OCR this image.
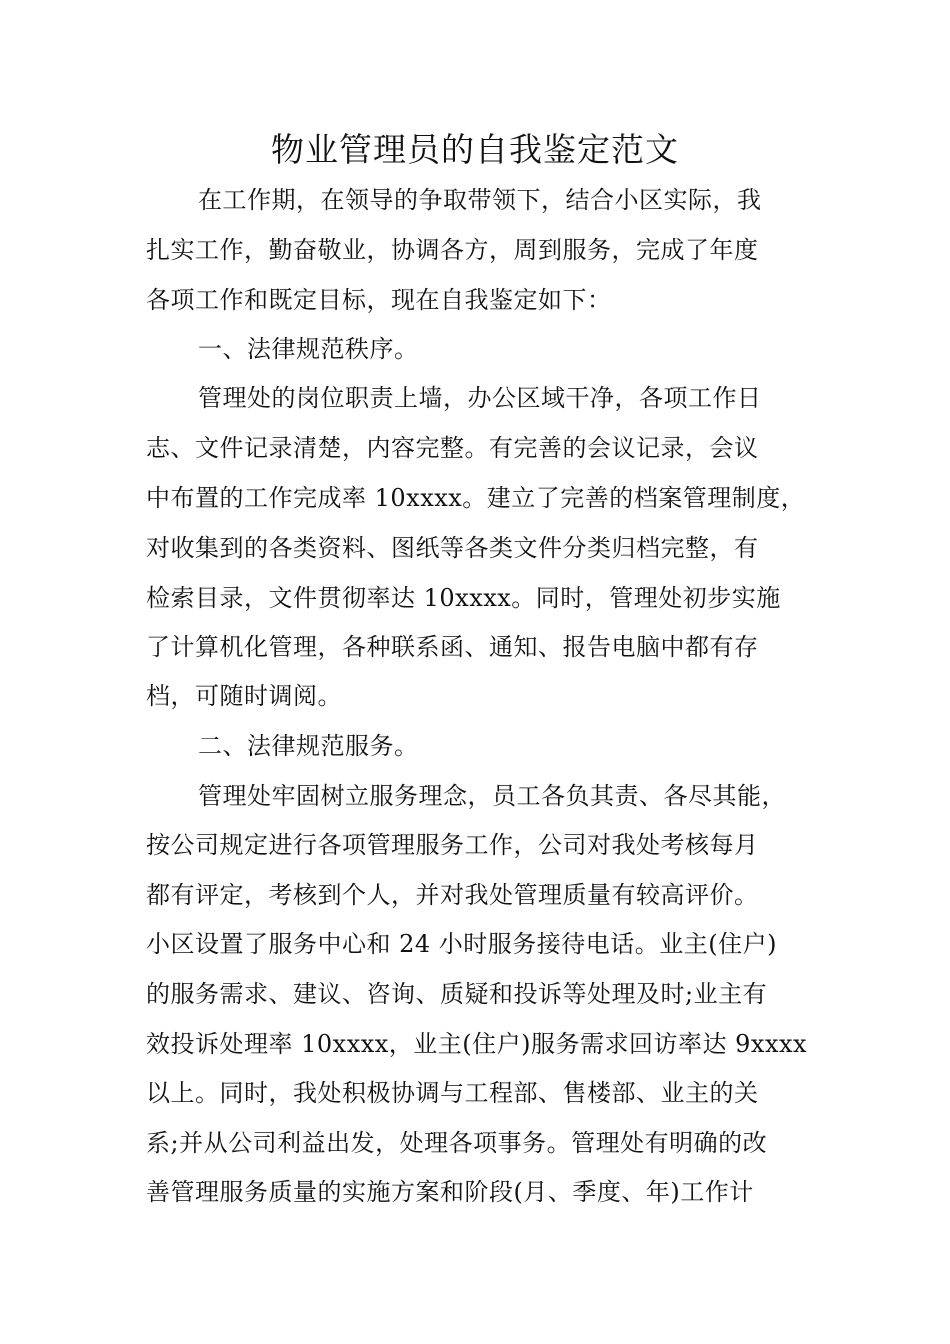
物业管理员的自我鉴定范文
在工作期，在领导的争取带领下，结合小区实际，我
扎实工作，勤奋敬业，协调各方，周到服务，完成了年度
各项工作和既定目标，现在自我鉴定如下：
一、法律规范秩序。
管理处的岗位职责上墙，办公区域干净，各项工作日
志、文件记录清楚，内容完整。有完善的会议记录，会议
中布置的工作完成率 10xxxx。建立了完善的档案管理制度，
对收集到的各类资料、图纸等各类文件分类归档完整，有
检索目录，文件贯彻率达 10xxxx。同时，管理处初步实施
了计算机化管理，各种联系函、通知、报告电脑中都有存
档，可随时调阅。
二、法律规范服务。
管理处牢固树立服务理念，员工各负其责、各尽其能，
按公司规定进行各项管理服务工作，公司对我处考核每月
都有评定，考核到个人，并对我处管理质量有较高评价。
小区设置了服务中心和 24 小时服务接待电话。业主(住户)
的服务需求、建议、咨询、质疑和投诉等处理及时;业主有
效投诉处理率 10xxxx，业主(住户)服务需求回访率达 9xxxx
以上。同时，我处积极协调与工程部、售楼部、业主的关
系;并从公司利益出发，处理各项事务。管理处有明确的改
善管理服务质量的实施方案和阶段(月、季度、年)工作计
